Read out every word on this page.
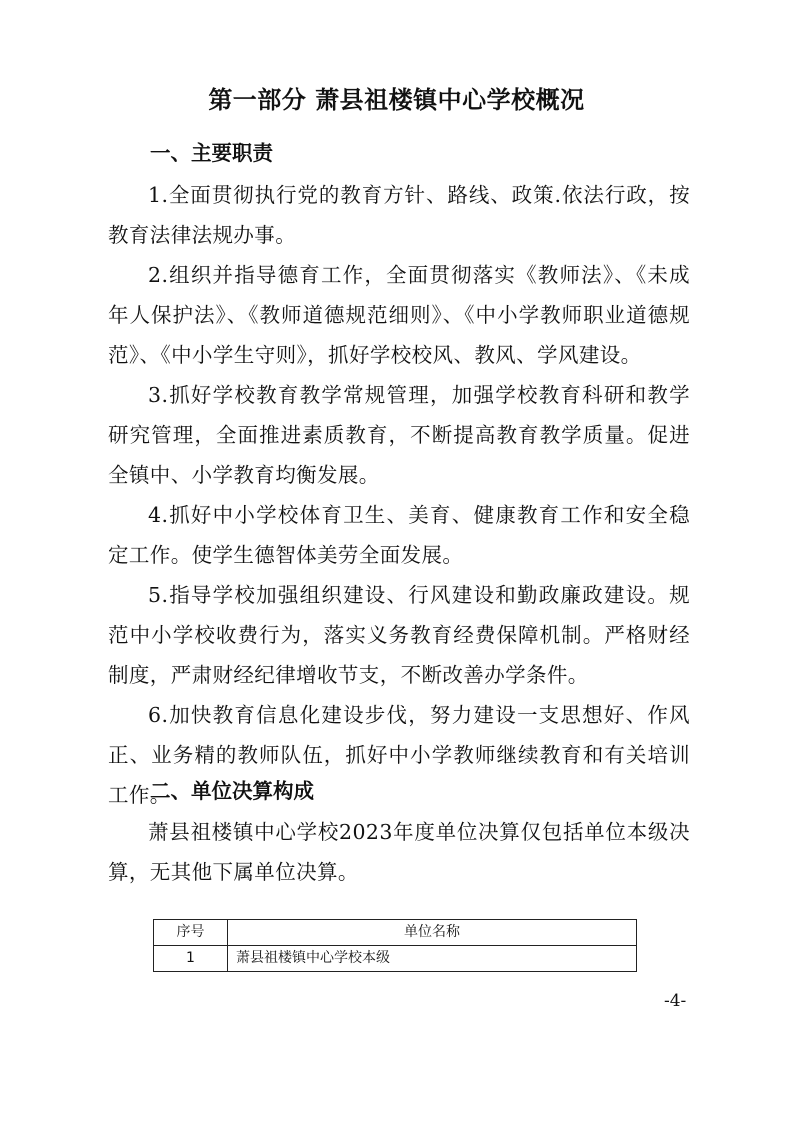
第一部分 萧县祖楼镇中心学校概况
一、主要职责

1.全面贯彻执行党的教育方针、路线、政策.依法行政，按教育法律法规办事。

2.组织并指导德育工作，全面贯彻落实《教师法》、《未成年人保护法》、《教师道德规范细则》、《中小学教师职业道德规范》、《中小学生守则》，抓好学校校风、教风、学风建设。

3.抓好学校教育教学常规管理，加强学校教育科研和教学研究管理，全面推进素质教育，不断提高教育教学质量。促进全镇中、小学教育均衡发展。

4.抓好中小学校体育卫生、美育、健康教育工作和安全稳定工作。使学生德智体美劳全面发展。

5.指导学校加强组织建设、行风建设和勤政廉政建设。规范中小学校收费行为，落实义务教育经费保障机制。严格财经制度，严肃财经纪律增收节支，不断改善办学条件。

6.加快教育信息化建设步伐，努力建设一支思想好、作风正、业务精的教师队伍，抓好中小学教师继续教育和有关培训工作。

二、单位决算构成

萧县祖楼镇中心学校2023年度单位决算仅包括单位本级决算，无其他下属单位决算。

序号	单位名称
1	萧县祖楼镇中心学校本级
-4-
